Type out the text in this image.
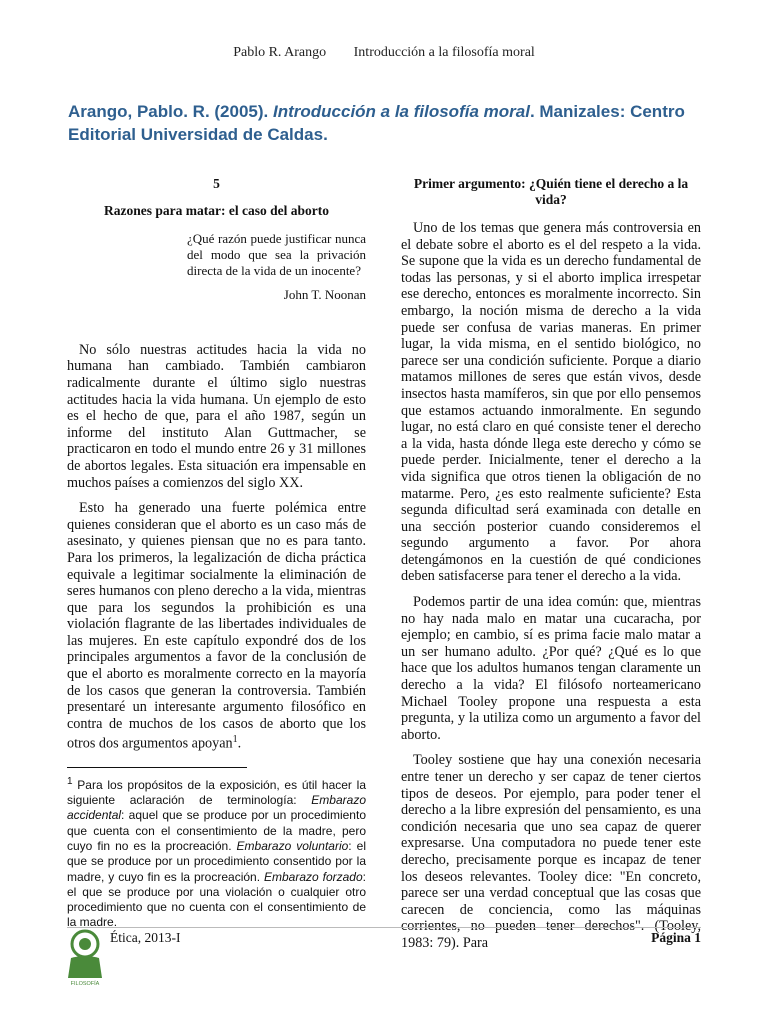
Pablo R. Arango Introducción a la filosofía moral
Arango, Pablo. R. (2005). Introducción a la filosofía moral. Manizales: Centro Editorial Universidad de Caldas.
5
Razones para matar: el caso del aborto
¿Qué razón puede justificar nunca del modo que sea la privación directa de la vida de un inocente?
John T. Noonan

No sólo nuestras actitudes hacia la vida no humana han cambiado. También cambiaron radicalmente durante el último siglo nuestras actitudes hacia la vida humana. Un ejemplo de esto es el hecho de que, para el año 1987, según un informe del instituto Alan Guttmacher, se practicaron en todo el mundo entre 26 y 31 millones de abortos legales. Esta situación era impensable en muchos países a comienzos del siglo XX.

Esto ha generado una fuerte polémica entre quienes consideran que el aborto es un caso más de asesinato, y quienes piensan que no es para tanto. Para los primeros, la legalización de dicha práctica equivale a legitimar socialmente la eliminación de seres humanos con pleno derecho a la vida, mientras que para los segundos la prohibición es una violación flagrante de las libertades individuales de las mujeres. En este capítulo expondré dos de los principales argumentos a favor de la conclusión de que el aborto es moralmente correcto en la mayoría de los casos que generan la controversia. También presentaré un interesante argumento filosófico en contra de muchos de los casos de aborto que los otros dos argumentos apoyan$^1$.

$^1$ Para los propósitos de la exposición, es útil hacer la siguiente aclaración de terminología: Embarazo accidental: aquel que se produce por un procedimiento que cuenta con el consentimiento de la madre, pero cuyo fin no es la procreación. Embarazo voluntario: el que se produce por un procedimiento consentido por la madre, y cuyo fin es la procreación. Embarazo forzado: el que se produce por una violación o cualquier otro procedimiento que no cuenta con el consentimiento de la madre.
Primer argumento: ¿Quién tiene el derecho a la vida?

Uno de los temas que genera más controversia en el debate sobre el aborto es el del respeto a la vida. Se supone que la vida es un derecho fundamental de todas las personas, y si el aborto implica irrespetar ese derecho, entonces es moralmente incorrecto. Sin embargo, la noción misma de derecho a la vida puede ser confusa de varias maneras. En primer lugar, la vida misma, en el sentido biológico, no parece ser una condición suficiente. Porque a diario matamos millones de seres que están vivos, desde insectos hasta mamíferos, sin que por ello pensemos que estamos actuando inmoralmente. En segundo lugar, no está claro en qué consiste tener el derecho a la vida, hasta dónde llega este derecho y cómo se puede perder. Inicialmente, tener el derecho a la vida significa que otros tienen la obligación de no matarme. Pero, ¿es esto realmente suficiente? Esta segunda dificultad será examinada con detalle en una sección posterior cuando consideremos el segundo argumento a favor. Por ahora detengámonos en la cuestión de qué condiciones deben satisfacerse para tener el derecho a la vida.

Podemos partir de una idea común: que, mientras no hay nada malo en matar una cucaracha, por ejemplo; en cambio, sí es prima facie malo matar a un ser humano adulto. ¿Por qué? ¿Qué es lo que hace que los adultos humanos tengan claramente un derecho a la vida? El filósofo norteamericano Michael Tooley propone una respuesta a esta pregunta, y la utiliza como un argumento a favor del aborto.

Tooley sostiene que hay una conexión necesaria entre tener un derecho y ser capaz de tener ciertos tipos de deseos. Por ejemplo, para poder tener el derecho a la libre expresión del pensamiento, es una condición necesaria que uno sea capaz de querer expresarse. Una computadora no puede tener este derecho, precisamente porque es incapaz de tener los deseos relevantes. Tooley dice: "En concreto, parece ser una verdad conceptual que las cosas que carecen de conciencia, como las máquinas corrientes, no pueden tener derechos". (Tooley, 1983: 79). Para

FILOSOFÍA
Ética, 2013-I	Página 1
